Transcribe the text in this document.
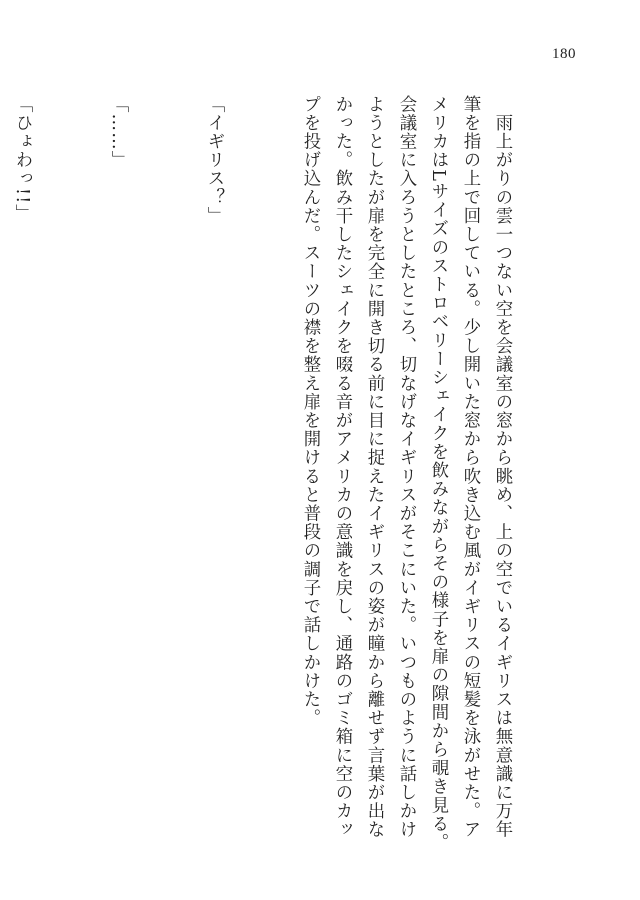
180

　雨上がりの雲一つない空を会議室の窓から眺め、上の空でいるイギリスは無意識に万年筆を指の上で回している。少し開いた窓から吹き込む風がイギリスの短髪を泳がせた。アメリカはLサイズのストロベリーシェイクを飲みながらその様子を扉の隙間から覗き見る。会議室に入ろうとしたところ、切なげなイギリスがそこにいた。いつものように話しかけようとしたが扉を完全に開き切る前に目に捉えたイギリスの姿が瞳から離せず言葉が出なかった。飲み干したシェイクを啜る音がアメリカの意識を戻し、通路のゴミ箱に空のカップを投げ込んだ。スーツの襟を整え扉を開けると普段の調子で話しかけた。

「イギリス？」

「……」

「ひょわっ!!」
